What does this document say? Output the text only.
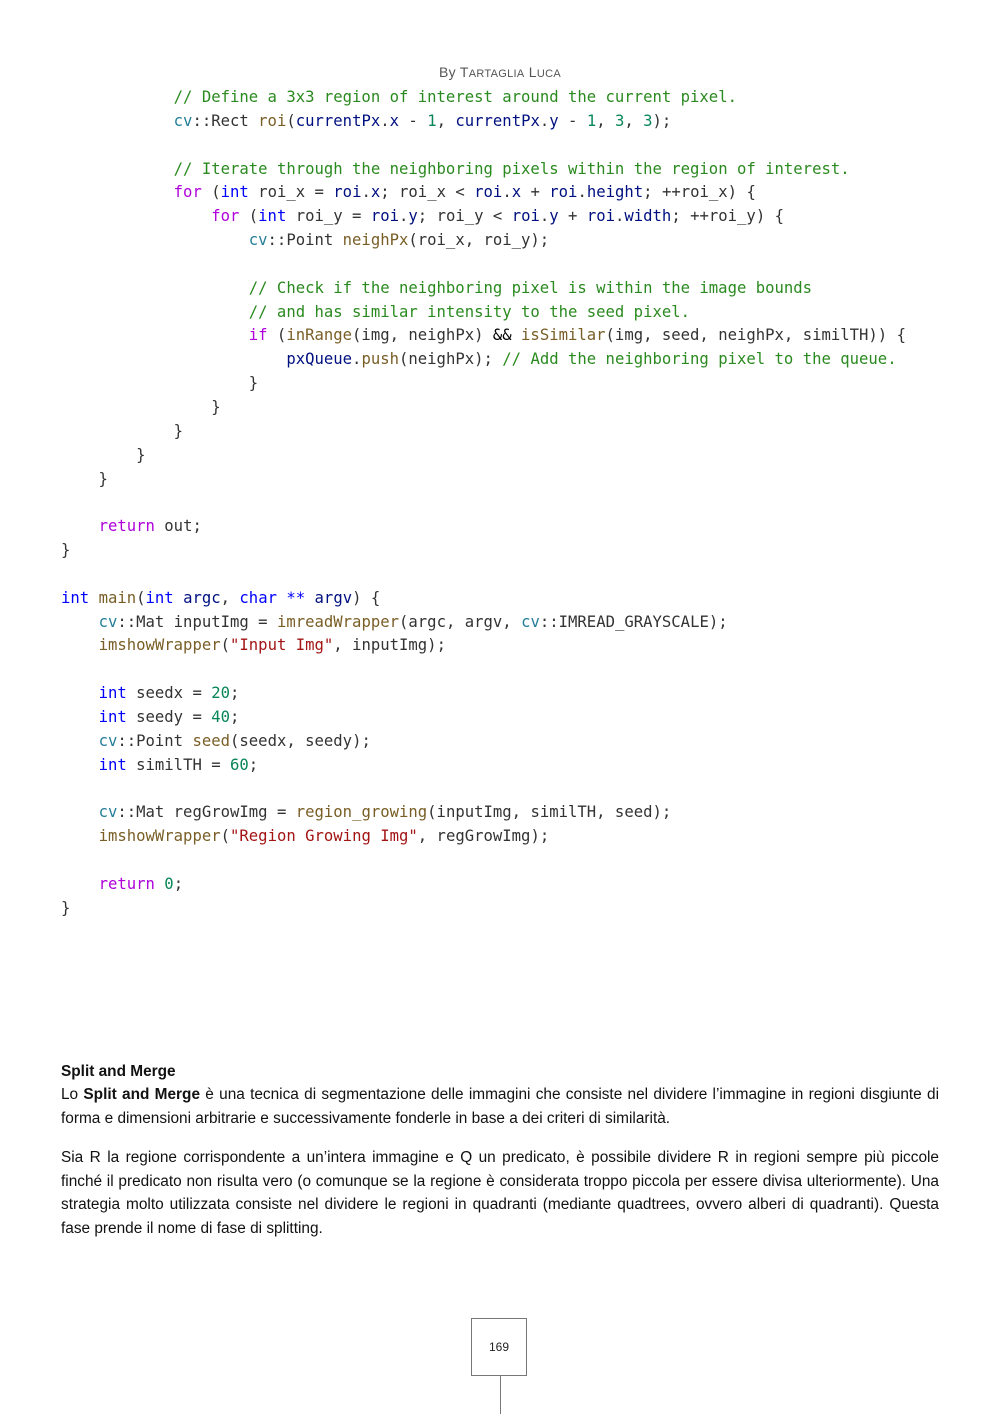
By TARTAGLIA LUCA
// Define a 3x3 region of interest around the current pixel.
cv::Rect roi(currentPx.x - 1, currentPx.y - 1, 3, 3);

// Iterate through the neighboring pixels within the region of interest.
for (int roi_x = roi.x; roi_x < roi.x + roi.height; ++roi_x) {
for (int roi_y = roi.y; roi_y < roi.y + roi.width; ++roi_y) {
cv::Point neighPx(roi_x, roi_y);

// Check if the neighboring pixel is within the image bounds
// and has similar intensity to the seed pixel.
if (inRange(img, neighPx) && isSimilar(img, seed, neighPx, similTH)) {
pxQueue.push(neighPx); // Add the neighboring pixel to the queue.
}
}
}
}
}

return out;
}

int main(int argc, char ** argv) {
cv::Mat inputImg = imreadWrapper(argc, argv, cv::IMREAD_GRAYSCALE);
imshowWrapper("Input Img", inputImg);

int seedx = 20;
int seedy = 40;
cv::Point seed(seedx, seedy);
int similTH = 60;

cv::Mat regGrowImg = region_growing(inputImg, similTH, seed);
imshowWrapper("Region Growing Img", regGrowImg);

return 0;
}
Split and Merge

Lo Split and Merge è una tecnica di segmentazione delle immagini che consiste nel dividere l’immagine in regioni disgiunte di forma e dimensioni arbitrarie e successivamente fonderle in base a dei criteri di similarità.

Sia R la regione corrispondente a un’intera immagine e Q un predicato, è possibile dividere R in regioni sempre più piccole finché il predicato non risulta vero (o comunque se la regione è considerata troppo piccola per essere divisa ulteriormente). Una strategia molto utilizzata consiste nel dividere le regioni in quadranti (mediante quadtrees, ovvero alberi di quadranti). Questa fase prende il nome di fase di splitting.

169
